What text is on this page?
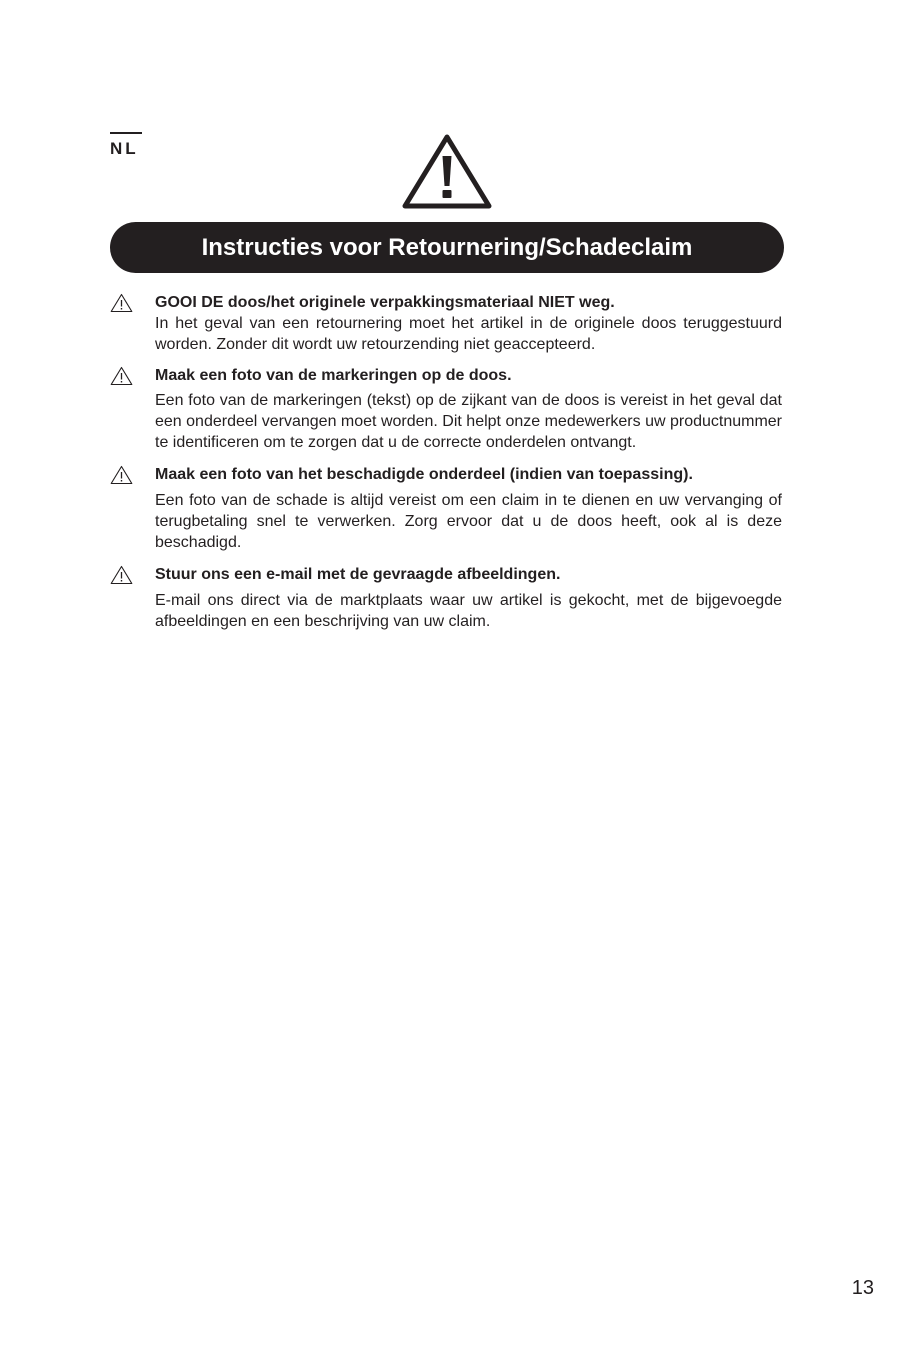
NL
Instructies voor Retournering/Schadeclaim

GOOI DE doos/het originele verpakkingsmateriaal NIET weg.

In het geval van een retournering moet het artikel in de originele doos teruggestuurd worden. Zonder dit wordt uw retourzending niet geaccepteerd.

Maak een foto van de markeringen op de doos.

Een foto van de markeringen (tekst) op de zijkant van de doos is vereist in het geval dat een onderdeel vervangen moet worden. Dit helpt onze medewerkers uw productnummer te identificeren om te zorgen dat u de correcte onderdelen ontvangt.

Maak een foto van het beschadigde onderdeel (indien van toepassing).

Een foto van de schade is altijd vereist om een claim in te dienen en uw vervanging of terugbetaling snel te verwerken. Zorg ervoor dat u de doos heeft, ook al is deze beschadigd.

Stuur ons een e-mail met de gevraagde afbeeldingen.

E-mail ons direct via de marktplaats waar uw artikel is gekocht, met de bijgevoegde afbeeldingen en een beschrijving van uw claim.

13
